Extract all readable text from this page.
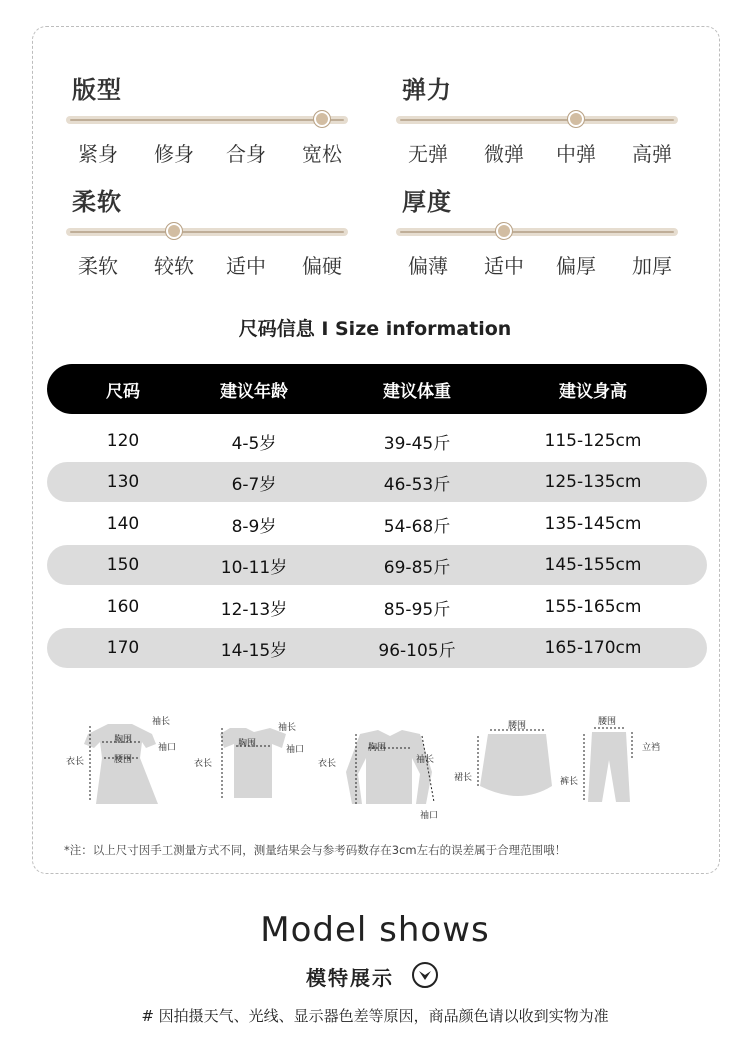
版型
紧身	修身	合身	宽松
弹力
无弹	微弹	中弹	高弹
柔软
柔软	较软	适中	偏硬
厚度
偏薄	适中	偏厚	加厚
尺码信息 I Size information
尺码	建议年龄	建议体重	建议身高
120	4-5岁	39-45斤	115-125cm
130	6-7岁	46-53斤	125-135cm
140	8-9岁	54-68斤	135-145cm
150	10-11岁	69-85斤	145-155cm
160	12-13岁	85-95斤	155-165cm
170	14-15岁	96-105斤	165-170cm
袖长
胸围
袖口
衣长	腰围
袖长
胸围
袖口
衣长
胸围
衣长	袖长
袖口
腰围
裙长
腰围
立裆
裤长
*注：以上尺寸因手工测量方式不同，测量结果会与参考码数存在3cm左右的误差属于合理范围哦！
Model shows
模特展示
# 因拍摄天气、光线、显示器色差等原因，商品颜色请以收到实物为准
